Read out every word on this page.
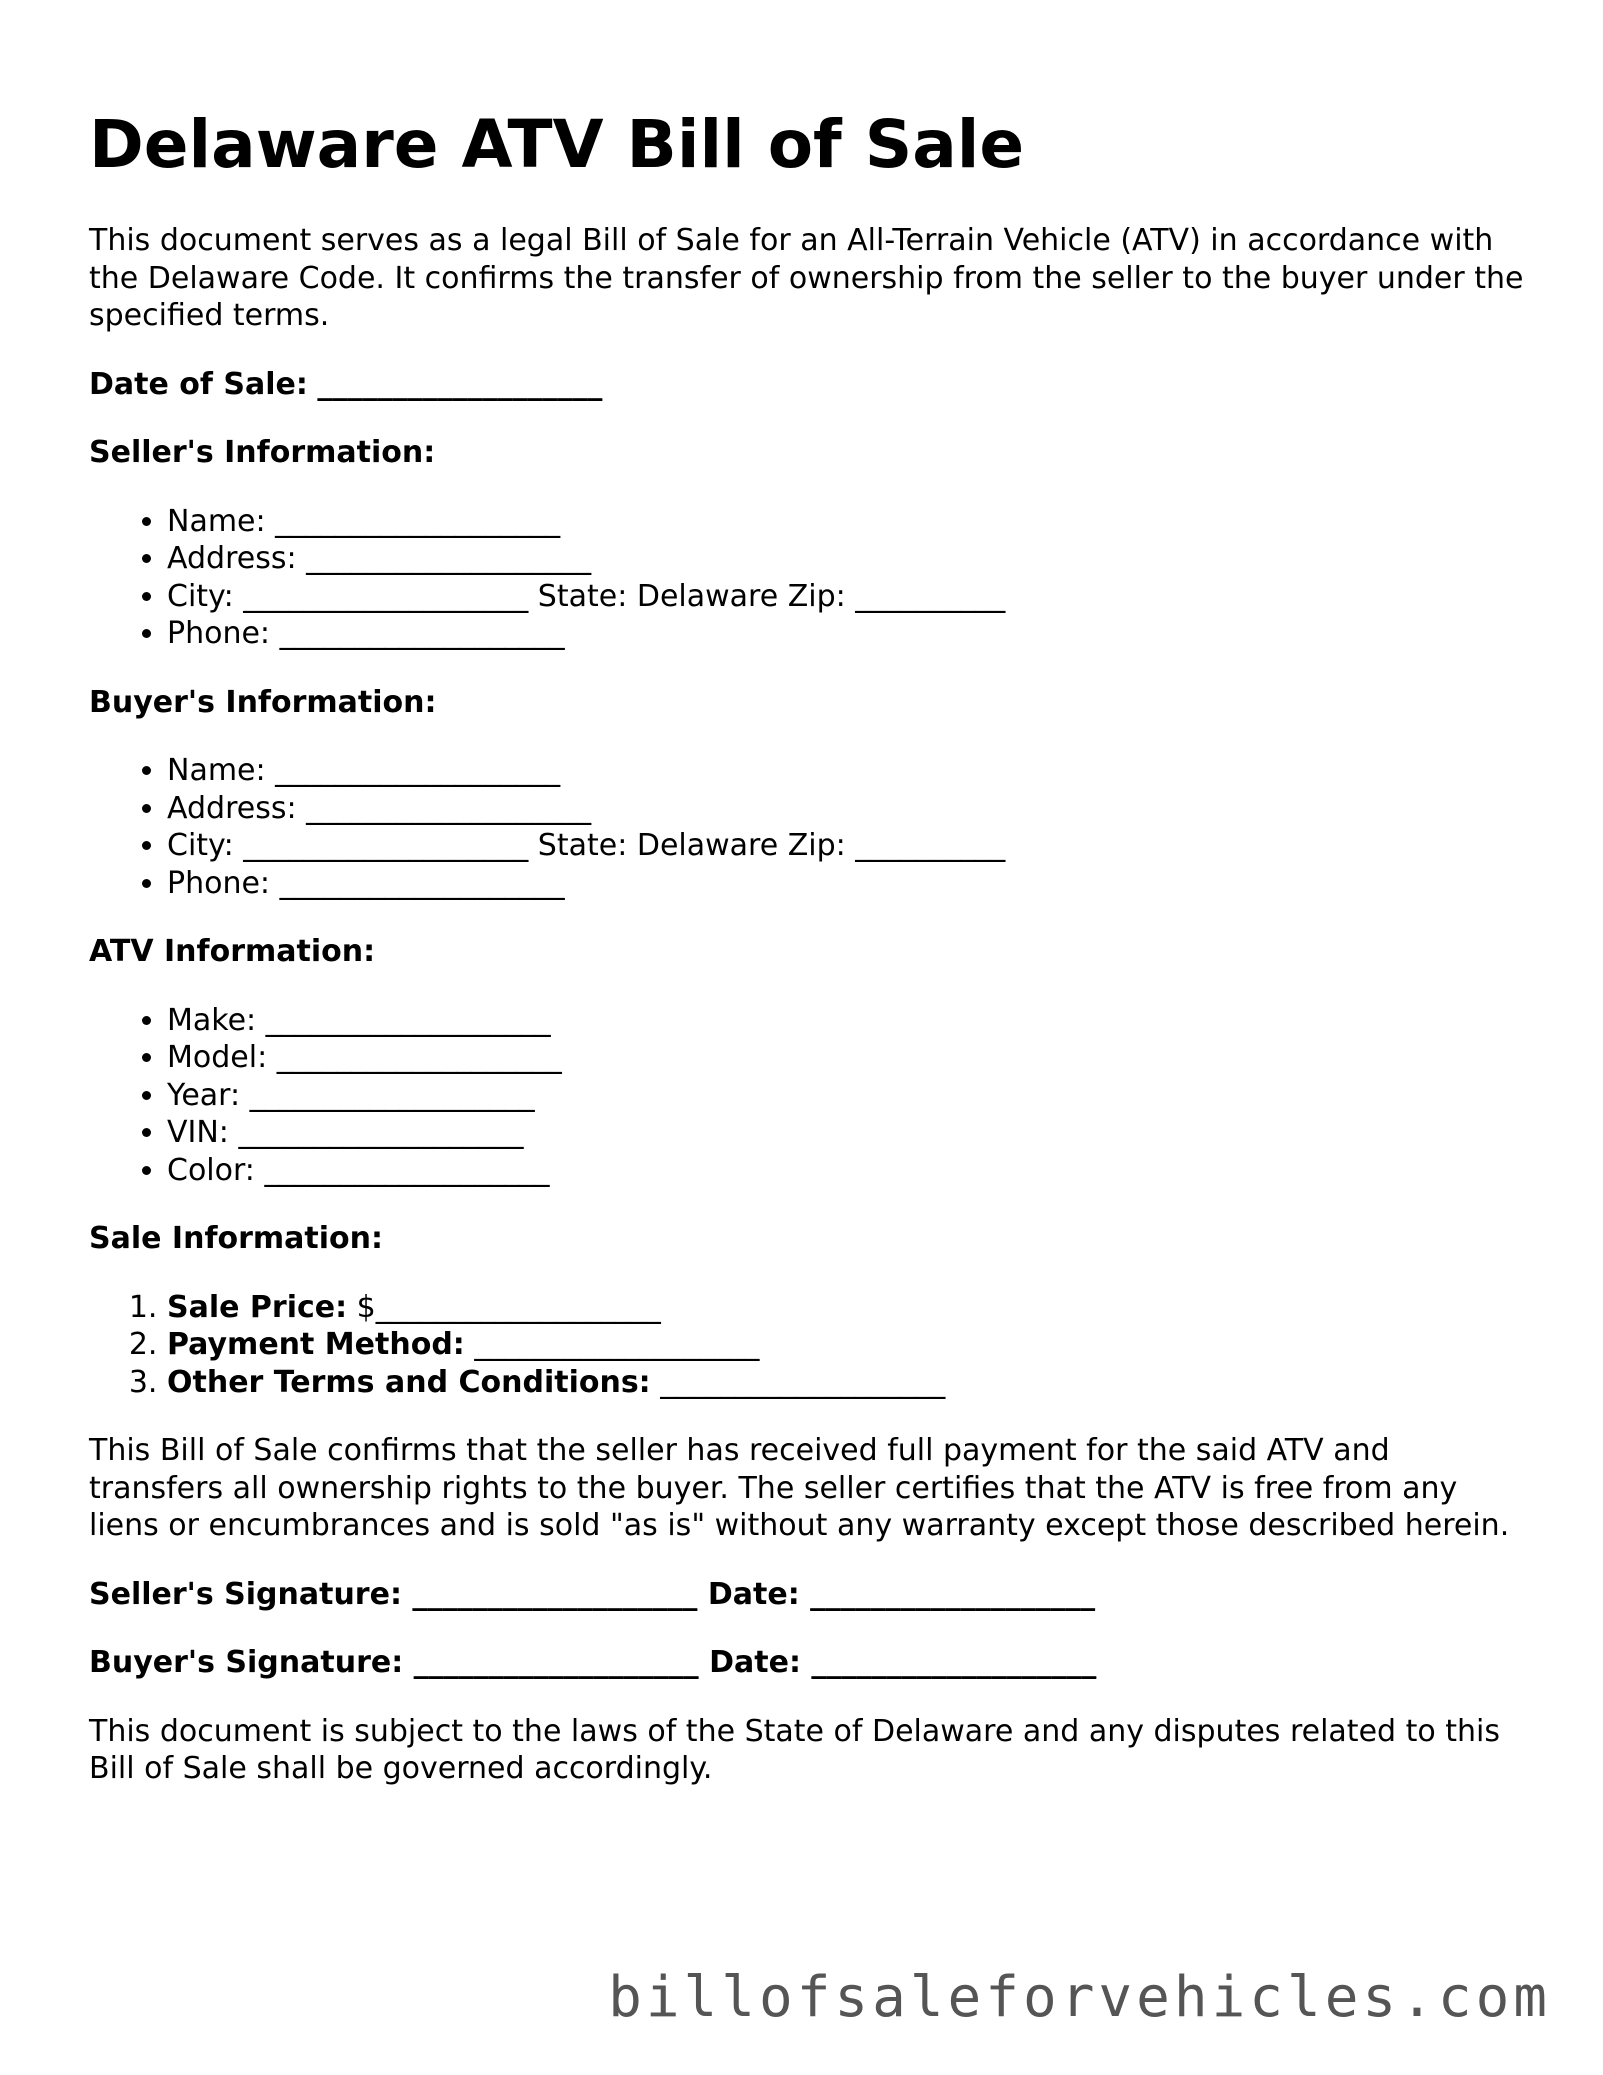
Delaware ATV Bill of Sale

This document serves as a legal Bill of Sale for an All-Terrain Vehicle (ATV) in accordance with the Delaware Code. It confirms the transfer of ownership from the seller to the buyer under the specified terms.

Date of Sale: ___________________
Seller's Information:
• Name: ___________________
• Address: ___________________
• City: ___________________ State: Delaware Zip: __________
• Phone: ___________________
Buyer's Information:
• Name: ___________________
• Address: ___________________
• City: ___________________ State: Delaware Zip: __________
• Phone: ___________________
ATV Information:
• Make: ___________________
• Model: ___________________
• Year: ___________________
• VIN: ___________________
• Color: ___________________
Sale Information:
1. Sale Price: $___________________
2. Payment Method: ___________________
3. Other Terms and Conditions: ___________________

This Bill of Sale confirms that the seller has received full payment for the said ATV and transfers all ownership rights to the buyer. The seller certifies that the ATV is free from any liens or encumbrances and is sold "as is" without any warranty except those described herein.

Seller's Signature: ___________________ Date: ___________________
Buyer's Signature: ___________________ Date: ___________________

This document is subject to the laws of the State of Delaware and any disputes related to this Bill of Sale shall be governed accordingly.

billofsaleforvehicles.com
